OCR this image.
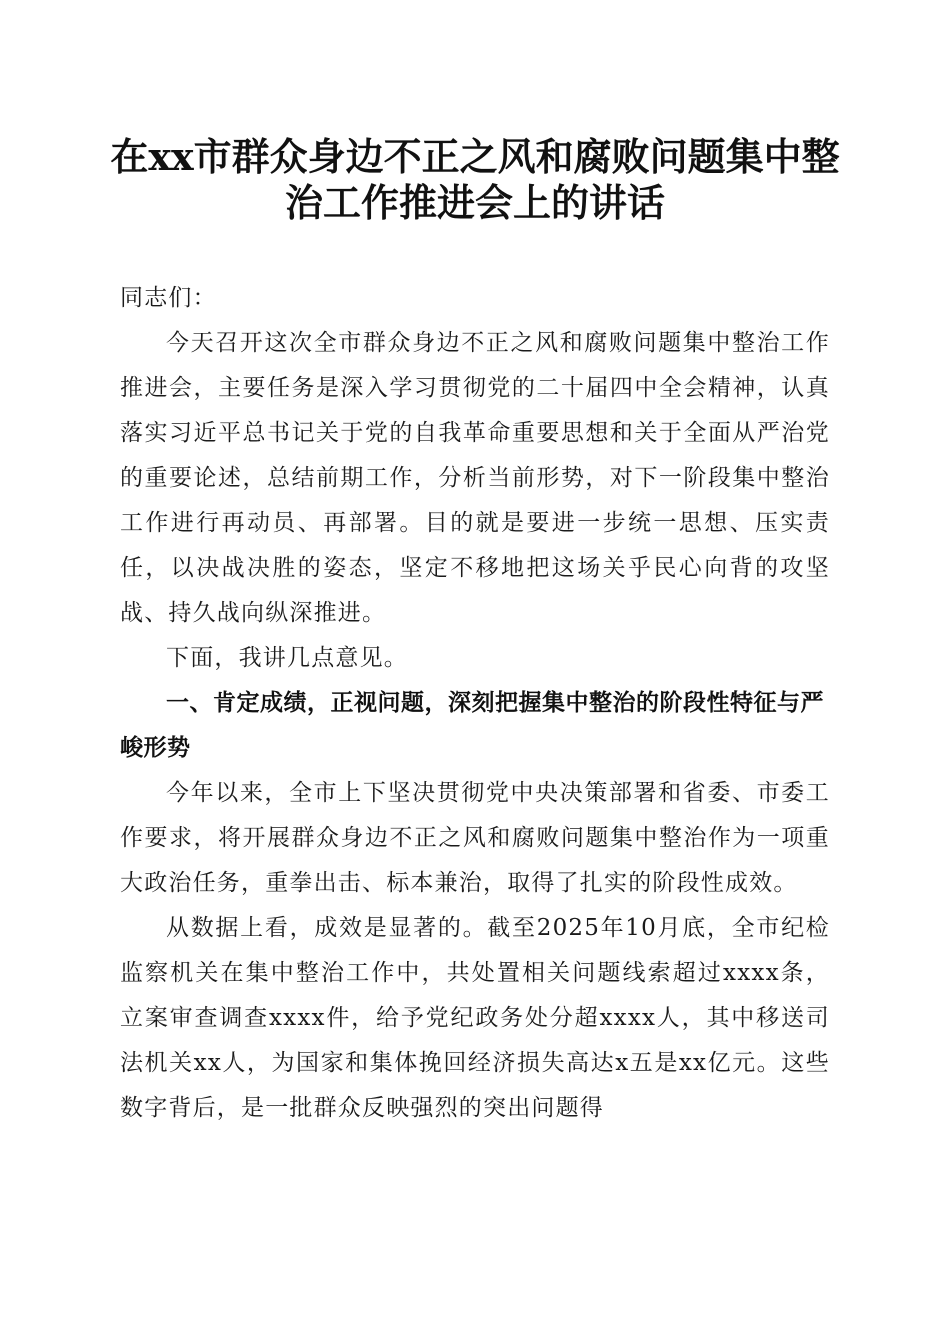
在xx市群众身边不正之风和腐败问题集中整
治工作推进会上的讲话

同志们：

今天召开这次全市群众身边不正之风和腐败问题集中整治工作推进会，主要任务是深入学习贯彻党的二十届四中全会精神，认真落实习近平总书记关于党的自我革命重要思想和关于全面从严治党的重要论述，总结前期工作，分析当前形势，对下一阶段集中整治工作进行再动员、再部署。目的就是要进一步统一思想、压实责任，以决战决胜的姿态，坚定不移地把这场关乎民心向背的攻坚战、持久战向纵深推进。

下面，我讲几点意见。

一、肯定成绩，正视问题，深刻把握集中整治的阶段性特征与严峻形势

今年以来，全市上下坚决贯彻党中央决策部署和省委、市委工作要求，将开展群众身边不正之风和腐败问题集中整治作为一项重大政治任务，重拳出击、标本兼治，取得了扎实的阶段性成效。

从数据上看，成效是显著的。截至2025年10月底，全市纪检监察机关在集中整治工作中，共处置相关问题线索超过xxxx条，立案审查调查xxxx件，给予党纪政务处分超xxxx人，其中移送司法机关xx人，为国家和集体挽回经济损失高达x五是xx亿元。这些数字背后，是一批群众反映强烈的突出问题得
